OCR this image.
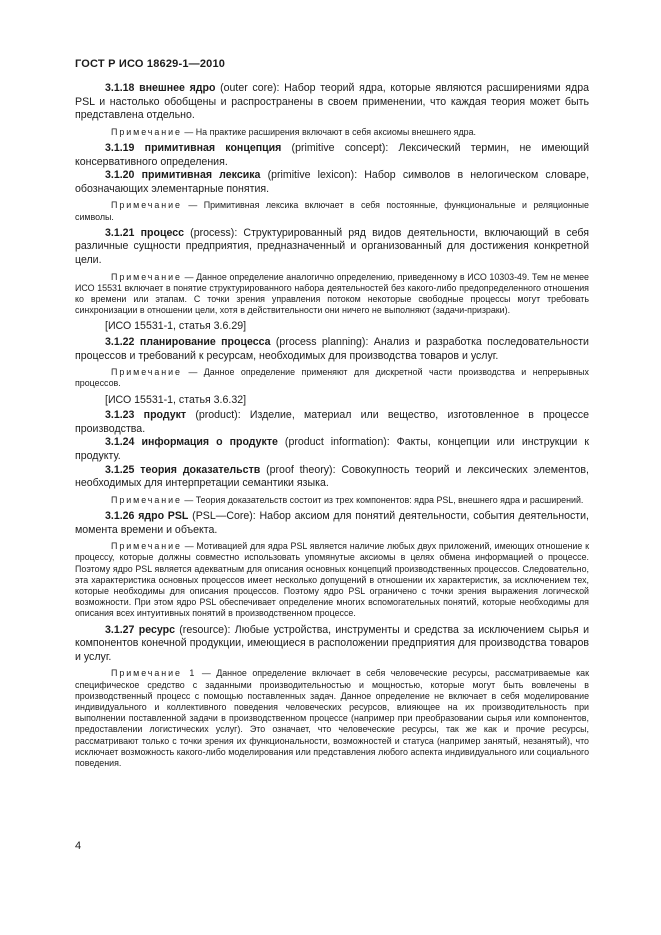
ГОСТ Р ИСО 18629-1—2010

3.1.18 внешнее ядро (outer core): Набор теорий ядра, которые являются расширениями ядра PSL и настолько обобщены и распространены в своем применении, что каждая теория может быть представлена отдельно.

Примечание — На практике расширения включают в себя аксиомы внешнего ядра.

3.1.19 примитивная концепция (primitive concept): Лексический термин, не имеющий консервативного определения.

3.1.20 примитивная лексика (primitive lexicon): Набор символов в нелогическом словаре, обозначающих элементарные понятия.

Примечание — Примитивная лексика включает в себя постоянные, функциональные и реляционные символы.

3.1.21 процесс (process): Структурированный ряд видов деятельности, включающий в себя различные сущности предприятия, предназначенный и организованный для достижения конкретной цели.

Примечание — Данное определение аналогично определению, приведенному в ИСО 10303-49. Тем не менее ИСО 15531 включает в понятие структурированного набора деятельностей без какого-либо предопределенного отношения ко времени или этапам. С точки зрения управления потоком некоторые свободные процессы могут требовать синхронизации в отношении цели, хотя в действительности они ничего не выполняют (задачи-призраки).

[ИСО 15531-1, статья 3.6.29]

3.1.22 планирование процесса (process planning): Анализ и разработка последовательности процессов и требований к ресурсам, необходимых для производства товаров и услуг.

Примечание — Данное определение применяют для дискретной части производства и непрерывных процессов.

[ИСО 15531-1, статья 3.6.32]

3.1.23 продукт (product): Изделие, материал или вещество, изготовленное в процессе производства.

3.1.24 информация о продукте (product information): Факты, концепции или инструкции к продукту.

3.1.25 теория доказательств (proof theory): Совокупность теорий и лексических элементов, необходимых для интерпретации семантики языка.

Примечание — Теория доказательств состоит из трех компонентов: ядра PSL, внешнего ядра и расширений.

3.1.26 ядро PSL (PSL—Core): Набор аксиом для понятий деятельности, события деятельности, момента времени и объекта.

Примечание — Мотивацией для ядра PSL является наличие любых двух приложений, имеющих отношение к процессу, которые должны совместно использовать упомянутые аксиомы в целях обмена информацией о процессе. Поэтому ядро PSL является адекватным для описания основных концепций производственных процессов. Следовательно, эта характеристика основных процессов имеет несколько допущений в отношении их характеристик, за исключением тех, которые необходимы для описания процессов. Поэтому ядро PSL ограничено с точки зрения выражения логической возможности. При этом ядро PSL обеспечивает определение многих вспомогательных понятий, которые необходимы для описания всех интуитивных понятий в производственном процессе.

3.1.27 ресурс (resource): Любые устройства, инструменты и средства за исключением сырья и компонентов конечной продукции, имеющиеся в расположении предприятия для производства товаров и услуг.

Примечание 1 — Данное определение включает в себя человеческие ресурсы, рассматриваемые как специфическое средство с заданными производительностью и мощностью, которые могут быть вовлечены в производственный процесс с помощью поставленных задач. Данное определение не включает в себя моделирование индивидуального и коллективного поведения человеческих ресурсов, влияющее на их производительность при выполнении поставленной задачи в производственном процессе (например при преобразовании сырья или компонентов, предоставлении логистических услуг). Это означает, что человеческие ресурсы, так же как и прочие ресурсы, рассматривают только с точки зрения их функциональности, возможностей и статуса (например занятый, незанятый), что исключает возможность какого-либо моделирования или представления любого аспекта индивидуального или социального поведения.

4
